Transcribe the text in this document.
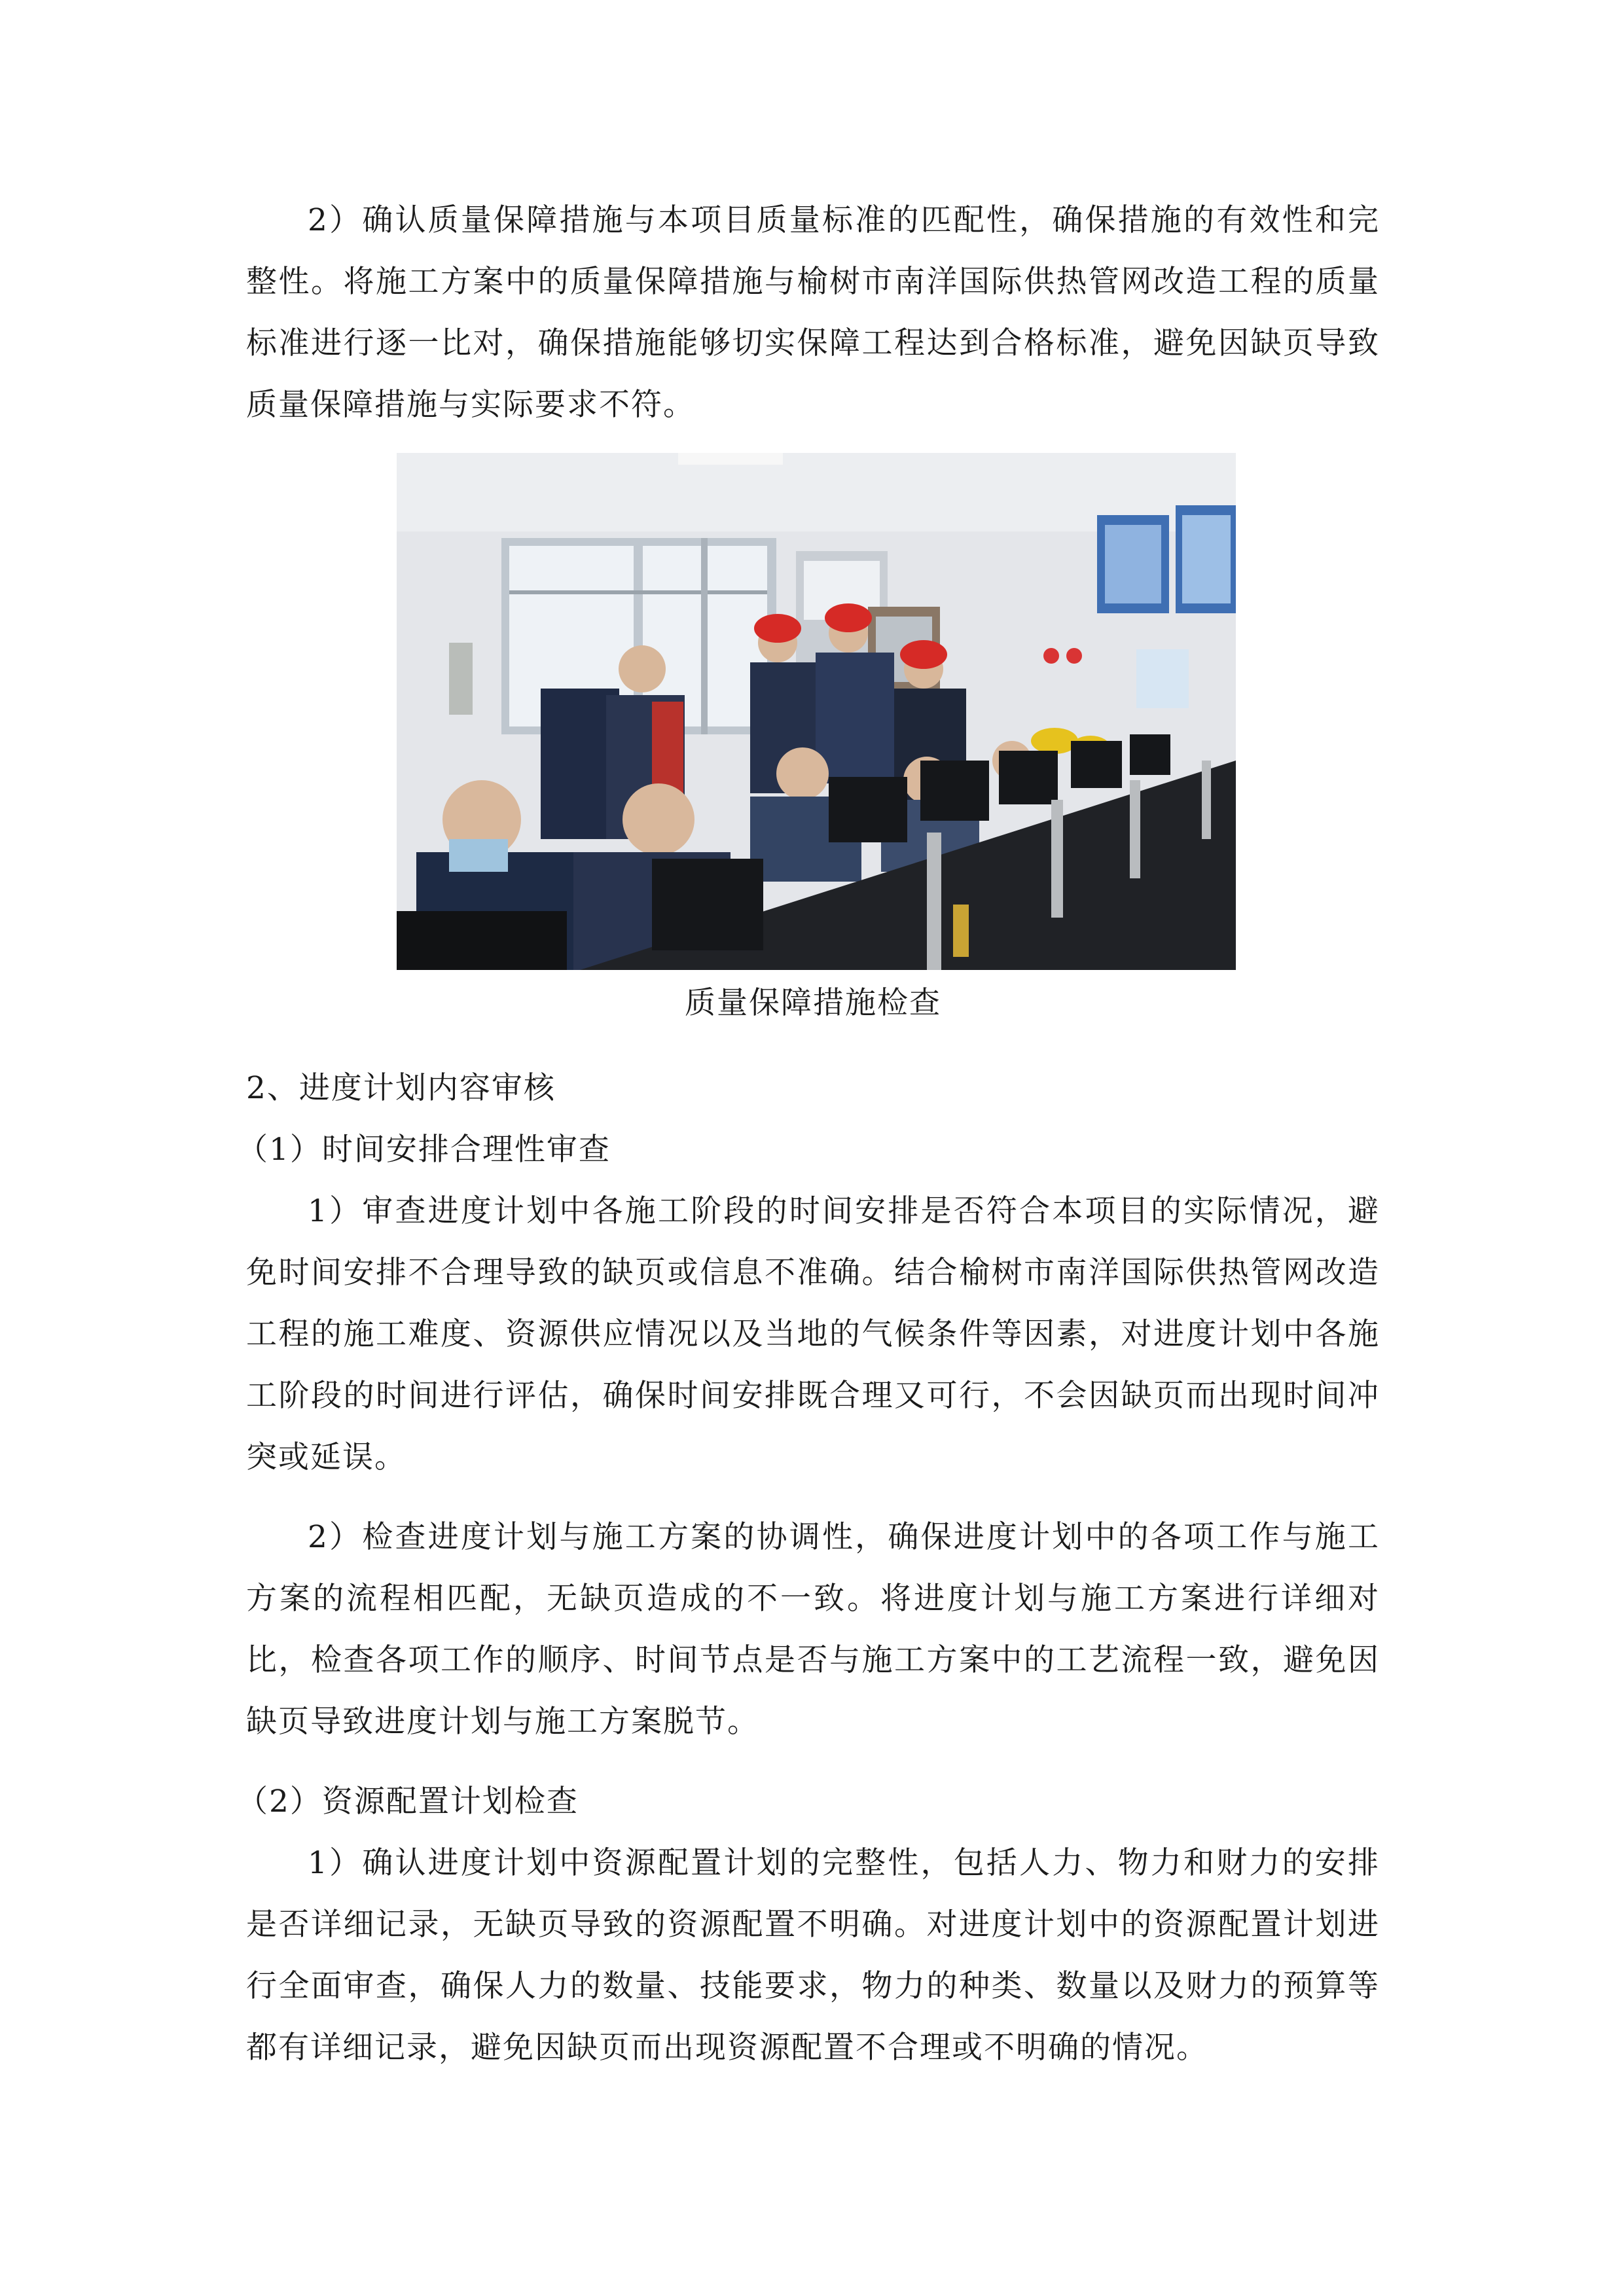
2）确认质量保障措施与本项目质量标准的匹配性，确保措施的有效性和完整性。将施工方案中的质量保障措施与榆树市南洋国际供热管网改造工程的质量标准进行逐一比对，确保措施能够切实保障工程达到合格标准，避免因缺页导致质量保障措施与实际要求不符。

质量保障措施检查
2、进度计划内容审核
（1）时间安排合理性审查

1）审查进度计划中各施工阶段的时间安排是否符合本项目的实际情况，避免时间安排不合理导致的缺页或信息不准确。结合榆树市南洋国际供热管网改造工程的施工难度、资源供应情况以及当地的气候条件等因素，对进度计划中各施工阶段的时间进行评估，确保时间安排既合理又可行，不会因缺页而出现时间冲突或延误。

2）检查进度计划与施工方案的协调性，确保进度计划中的各项工作与施工方案的流程相匹配，无缺页造成的不一致。将进度计划与施工方案进行详细对比，检查各项工作的顺序、时间节点是否与施工方案中的工艺流程一致，避免因缺页导致进度计划与施工方案脱节。

（2）资源配置计划检查

1）确认进度计划中资源配置计划的完整性，包括人力、物力和财力的安排是否详细记录，无缺页导致的资源配置不明确。对进度计划中的资源配置计划进行全面审查，确保人力的数量、技能要求，物力的种类、数量以及财力的预算等都有详细记录，避免因缺页而出现资源配置不合理或不明确的情况。
